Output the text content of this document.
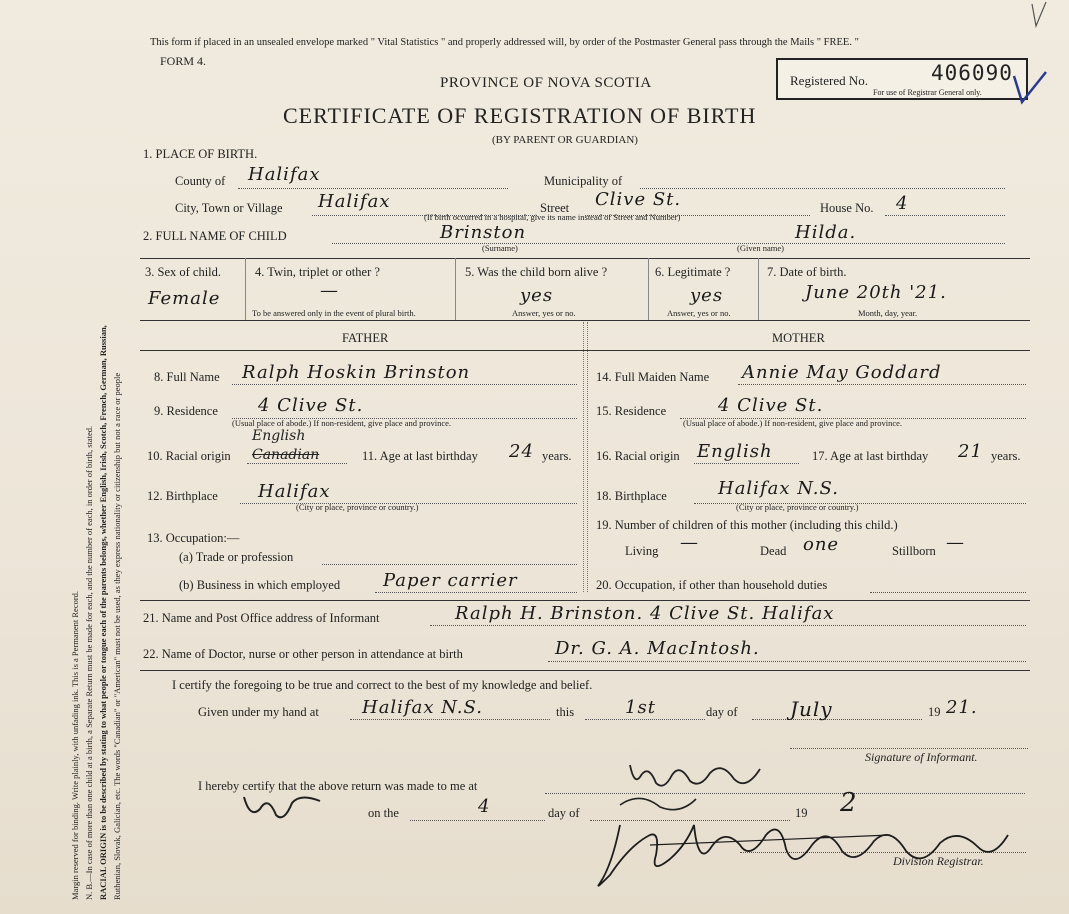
Margin reserved for binding. Write plainly, with unfading ink. This is a Permanent Record. N. B.—In case of more than one child at a birth, a Separate Return must be made for each, and the number of each, in order of birth, stated. RACIAL ORIGIN is to be described by stating to what people or tongue each of the parents belongs, whether English, Irish, Scotch, French, German, Russian, Ruthenian, Slovak, Galician, etc. The words "Canadian" or "American" must not be used, as they express nationality or citizenship but not a race or people
This form if placed in an unsealed envelope marked " Vital Statistics " and properly addressed will, by order of the Postmaster General pass through the Mails " FREE. "
FORM 4.
PROVINCE OF NOVA SCOTIA
CERTIFICATE OF REGISTRATION OF BIRTH
(BY PARENT OR GUARDIAN)
Registered No.	406090
For use of Registrar General only.
1. PLACE OF BIRTH.
County of Halifax	Municipality of
City, Town or Village Halifax	Street Clive St.
(If birth occurred in a hospital, give its name instead of Street and Number)
House No. 4
2. FULL NAME OF CHILD	Brinston
(Surname)
Hilda.
(Given name)
3. Sex of child.
Female
4. Twin, triplet or other ?
—
To be answered only in the event of plural birth.
5. Was the child born alive ?
yes
Answer, yes or no.
6. Legitimate ?
yes
Answer, yes or no.
7. Date of birth.
June 20th '21.
Month, day, year.
FATHER	MOTHER
8. Full Name Ralph Hoskin Brinston
9. Residence 4 Clive St.
(Usual place of abode.) If non-resident, give place and province.
10. Racial origin
English
Canadian	11. Age at last birthday 24 years.
12. Birthplace Halifax
(City or place, province or country.)
13. Occupation:—
(a) Trade or profession
(b) Business in which employed Paper carrier
14. Full Maiden Name Annie May Goddard
15. Residence	4 Clive St.
(Usual place of abode.) If non-resident, give place and province.
16. Racial origin English	17. Age at last birthday 21 years.
18. Birthplace	Halifax N.S.
(City or place, province or country.)
19. Number of children of this mother (including this child.)
Living —	Dead one	Stillborn —
20. Occupation, if other than household duties
21. Name and Post Office address of Informant	Ralph H. Brinston. 4 Clive St. Halifax
22. Name of Doctor, nurse or other person in attendance at birth	Dr. G. A. MacIntosh.
I certify the foregoing to be true and correct to the best of my knowledge and belief.
Given under my hand at Halifax N.S.	this	1st	day of	July	19 21.
Signature of Informant.
I hereby certify that the above return was made to me at
on the	4	day of	19 2
Division Registrar.
